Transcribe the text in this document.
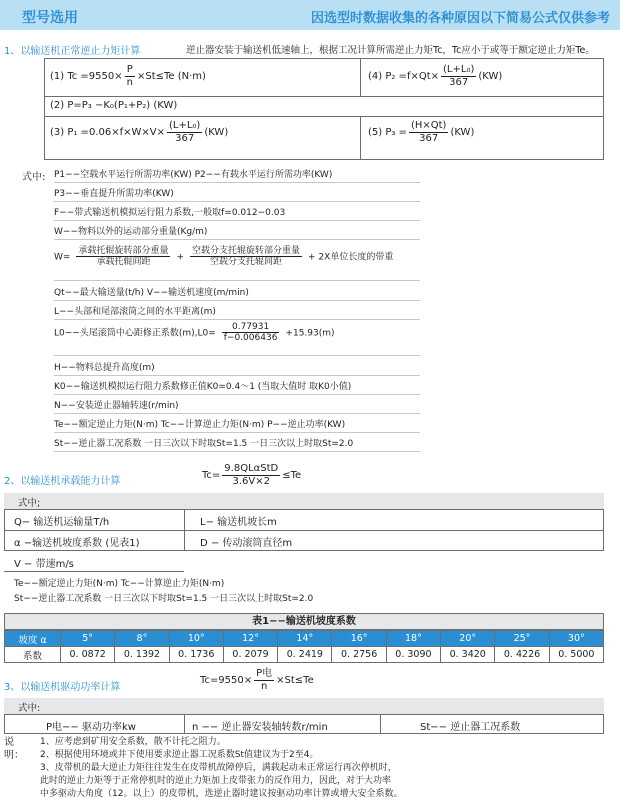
型号选用	因选型时数据收集的各种原因以下简易公式仅供参考
1、以输送机正常逆止力矩计算	逆止器安装于输送机低速轴上，根据工况计算所需逆止力矩Tc，Tc应小于或等于额定逆止力矩Te。
(1) $Tc =9550\times \frac{P}{n} \times St\le Te$ (N·m)	(4) $P_2 =f\times Qt\times \frac{\text{(L+L₀)}}{367} (KW)$
(2) P=P₃ −K₀(P₁+P₂) (KW)
(3) $P_1 =0.06\times f\times W\times V\times \frac{\text{(L+L₀)}}{367} (KW)$	(5) $P_3 = \frac{(H\times Qt)}{367} (KW)$
式中: P1−−空载水平运行所需功率(KW) P2−−有载水平运行所需功率(KW)
P3−−垂直提升所需功率(KW)
F−−带式输送机模拟运行阻力系数,一般取f=0.012−0.03
W−−物料以外的运动部分重量(Kg/m)
$W= \frac{\text{承载托辊旋转部分重量}}{\text{承载托辊间距}} + \frac{\text{空载分支托辊旋转部分重量}}{\text{空载分支托辊间距}} + 2X$单位长度的带重
Qt−−最大输送量(t/h) V−−输送机速度(m/min)
L−−头部和尾部滚筒之间的水平距离(m)
L0−−头尾滚筒中心距修正系数$(m),L0= \frac{0.77931}{f-0.006436} +15.93(m)$
H−−物料总提升高度(m)
K0−−输送机模拟运行阻力系数修正值K0=0.4～1 (当取大值时 取K0小值)
N−−安装逆止器轴转速(r/min)
Te−−额定逆止力矩(N·m) Tc−−计算逆止力矩(N·m) P−−逆止功率(KW)
St−−逆止器工况系数 一日三次以下时取St=1.5 一日三次以上时取St=2.0
2、以输送机承载能力计算
$Tc= \frac{\text{9.8QLαStD}}{3.6V\times 2} \le Te$
式中;
Q− 输送机运输量T/h	L− 输送机坡长m
α −输送机坡度系数 (见表1)	D − 传动滚筒直径m
V − 带速m/s
Te−−额定逆止力矩(N·m) Tc−−计算逆止力矩(N·m)
St−−逆止器工况系数 一日三次以下时取St=1.5 一日三次以上时取St=2.0
表1−−输送机坡度系数
坡度 α	5°	8°	10°	12°	14°	16°	18°	20°	25°	30°
系数	0. 0872	0. 1392	0. 1736	0. 2079	0. 2419	0. 2756	0. 3090	0. 3420	0. 4226	0. 5000
3、以输送机驱动功率计算
$Tc=9550\times \frac{\text{P电}}{n} \times St\le Te$
式中:
P电−− 驱动功率kw	n −− 逆止器安装轴转数r/min	St−− 逆止器工况系数
说明：
1、应考虑到矿用安全系数，散不计托之阻力。
2、根据使用环境或井下使用要求逆止器工况系数St值建议为于2至4。
3、皮带机的最大逆止力矩往往发生在皮带机故障停后，满载起动未正常运行再次停机时，
此时的逆止力矩等于正常停机时的逆止力矩加上皮带张力的反作用力，因此，对于大功率
中多驱动大角度（12。以上）的皮带机，选逆止器时建议按驱动功率计算或增大安全系数。
